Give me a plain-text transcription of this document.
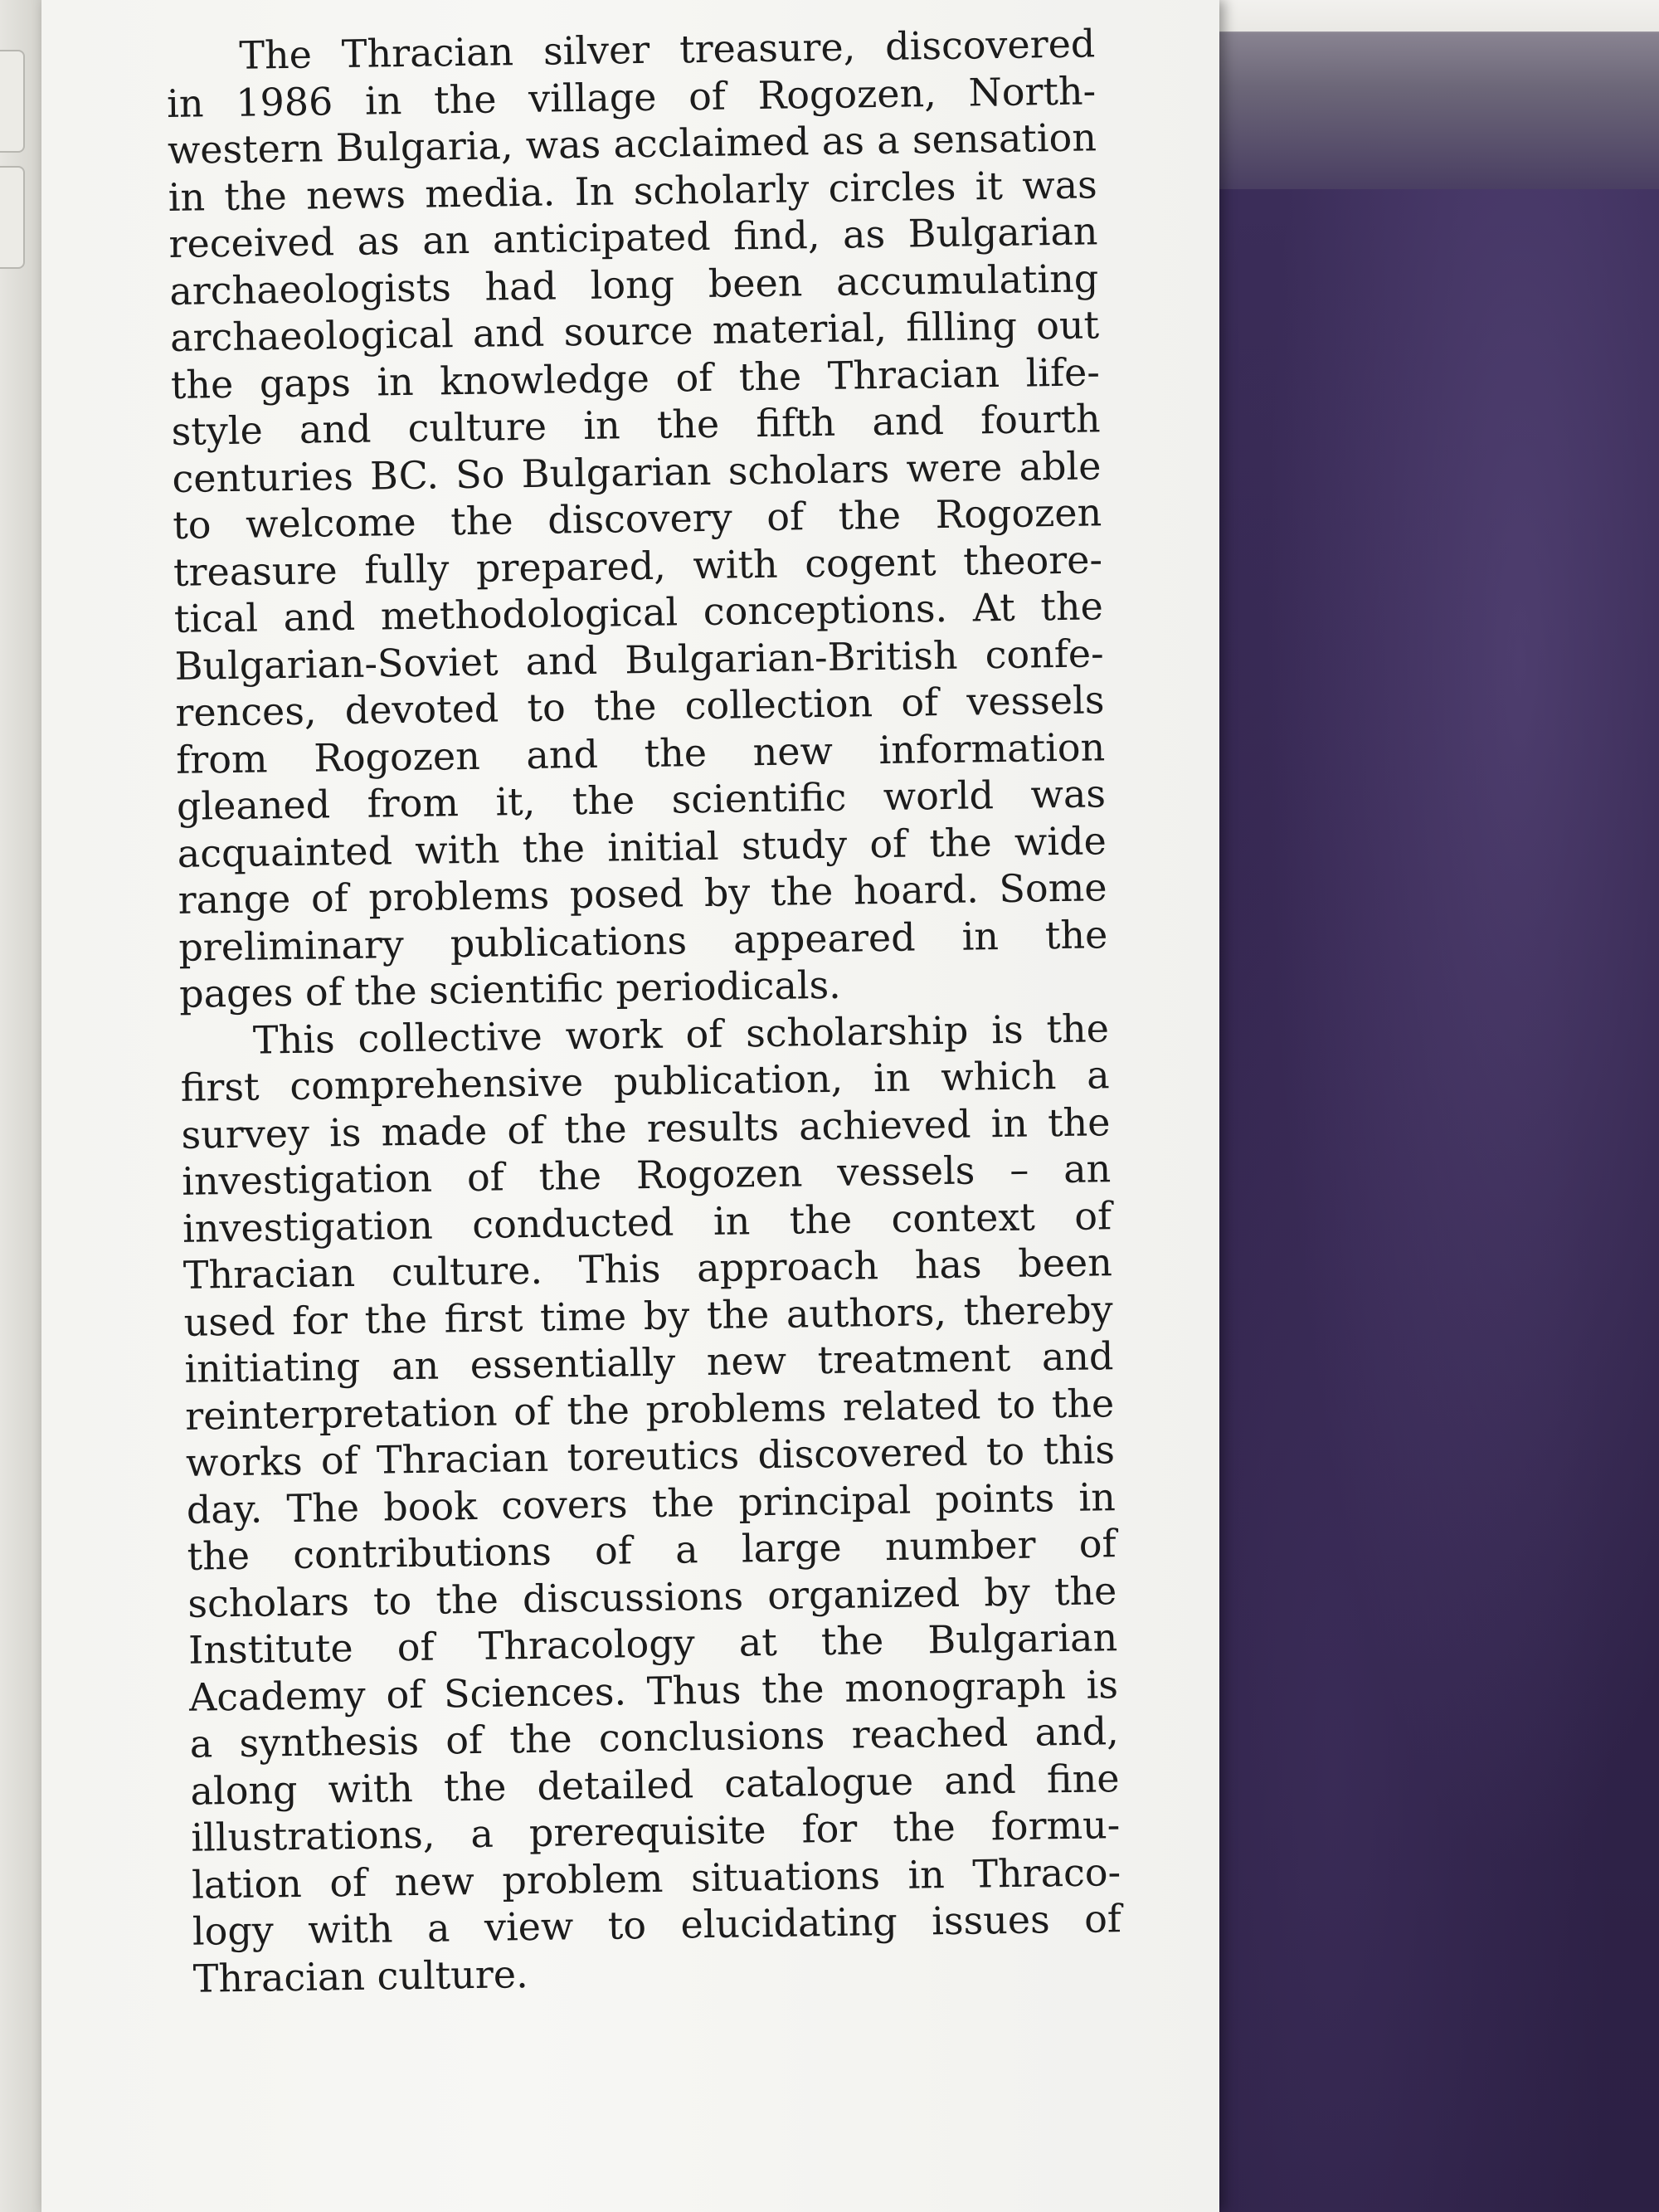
The Thracian silver treasure, discovered
in 1986 in the village of Rogozen, North-
western Bulgaria, was acclaimed as a sensation
in the news media. In scholarly circles it was
received as an anticipated find, as Bulgarian
archaeologists had long been accumulating
archaeological and source material, filling out
the gaps in knowledge of the Thracian life-
style and culture in the fifth and fourth
centuries BC. So Bulgarian scholars were able
to welcome the discovery of the Rogozen
treasure fully prepared, with cogent theore-
tical and methodological conceptions. At the
Bulgarian-Soviet and Bulgarian-British confe-
rences, devoted to the collection of vessels
from Rogozen and the new information
gleaned from it, the scientific world was
acquainted with the initial study of the wide
range of problems posed by the hoard. Some
preliminary publications appeared in the
pages of the scientific periodicals.
This collective work of scholarship is the
first comprehensive publication, in which a
survey is made of the results achieved in the
investigation of the Rogozen vessels – an
investigation conducted in the context of
Thracian culture. This approach has been
used for the first time by the authors, thereby
initiating an essentially new treatment and
reinterpretation of the problems related to the
works of Thracian toreutics discovered to this
day. The book covers the principal points in
the contributions of a large number of
scholars to the discussions organized by the
Institute of Thracology at the Bulgarian
Academy of Sciences. Thus the monograph is
a synthesis of the conclusions reached and,
along with the detailed catalogue and fine
illustrations, a prerequisite for the formu-
lation of new problem situations in Thraco-
logy with a view to elucidating issues of
Thracian culture.
